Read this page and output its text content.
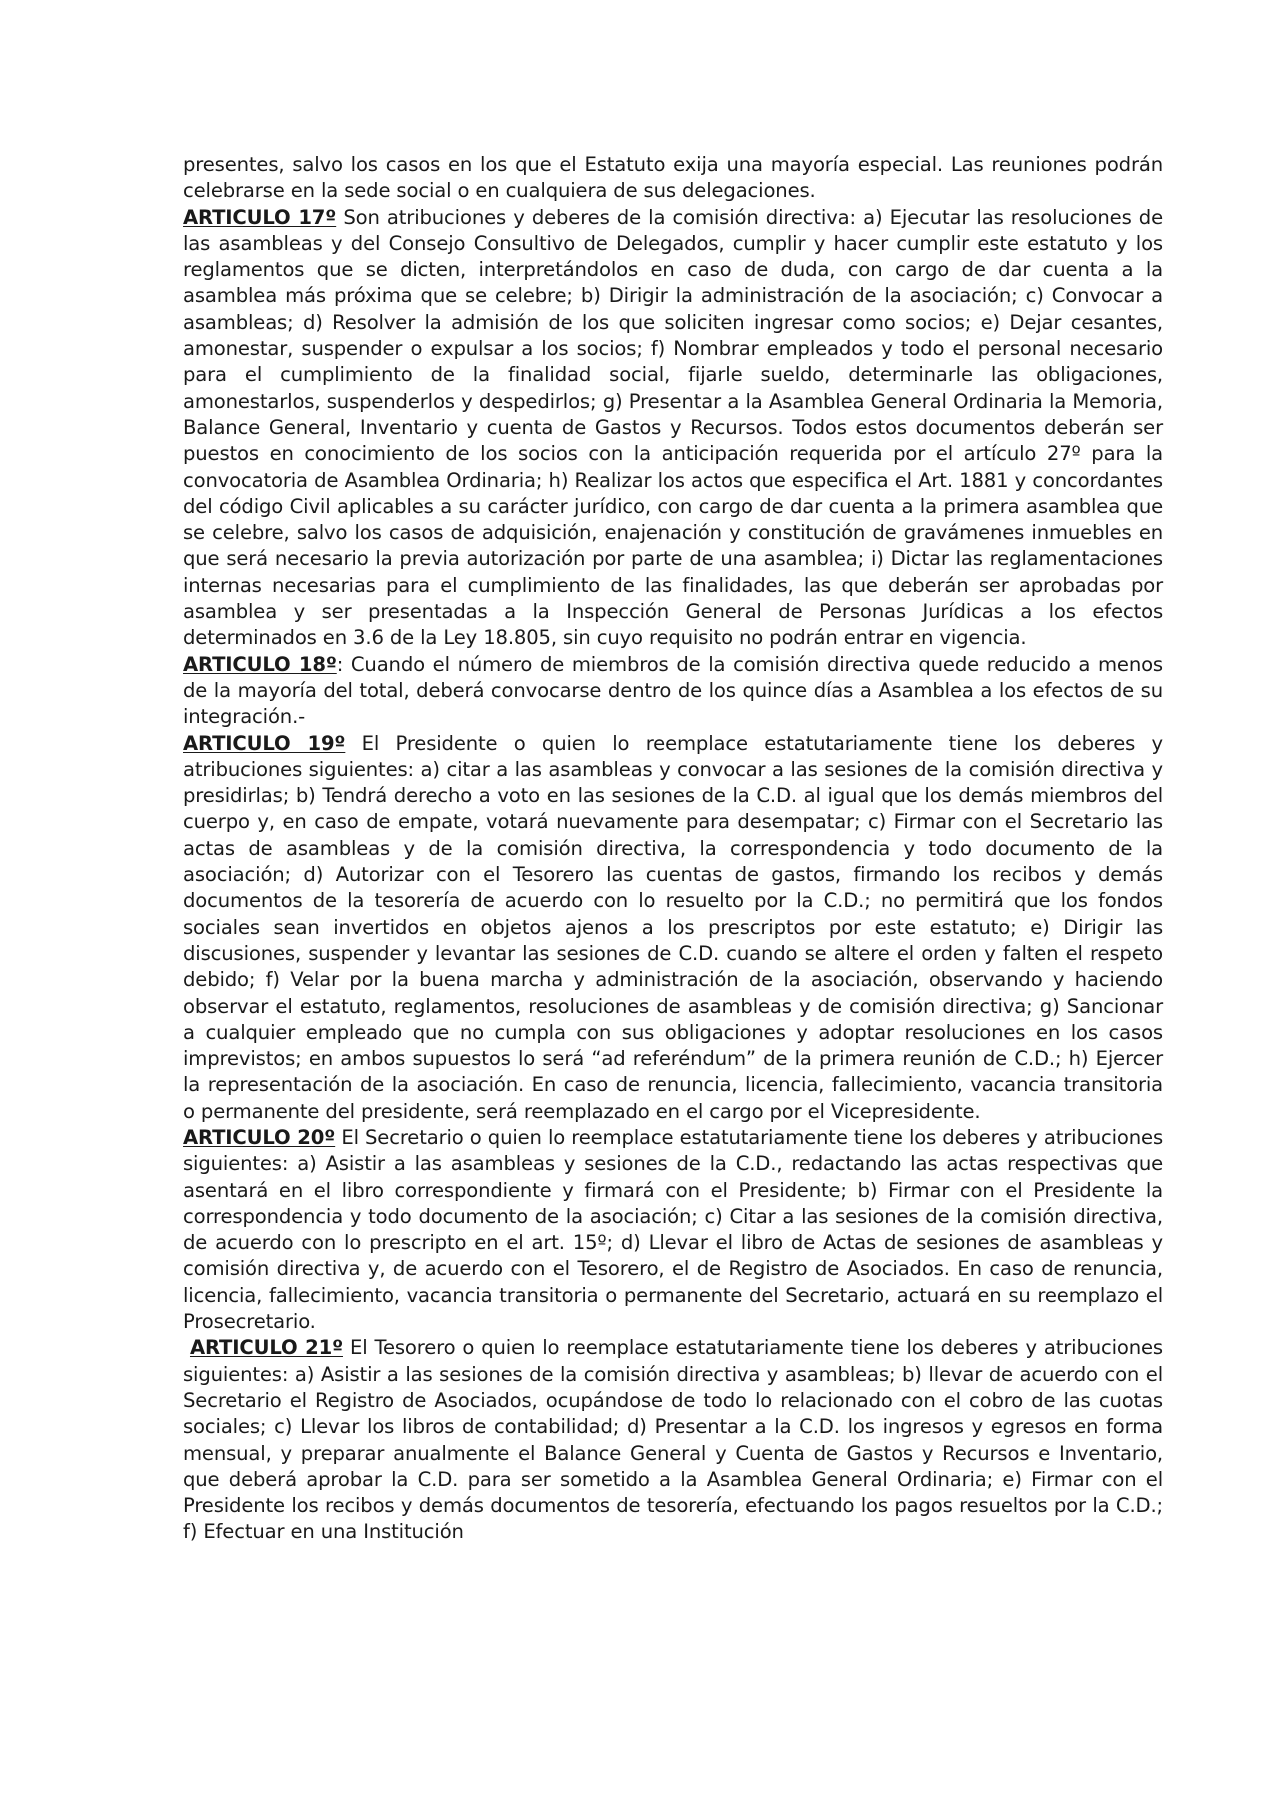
presentes, salvo los casos en los que el Estatuto exija una mayoría especial. Las reuniones podrán celebrarse en la sede social o en cualquiera de sus delegaciones.

ARTICULO 17º Son atribuciones y deberes de la comisión directiva: a) Ejecutar las resoluciones de las asambleas y del Consejo Consultivo de Delegados, cumplir y hacer cumplir este estatuto y los reglamentos que se dicten, interpretándolos en caso de duda, con cargo de dar cuenta a la asamblea más próxima que se celebre; b) Dirigir la administración de la asociación; c) Convocar a asambleas; d) Resolver la admisión de los que soliciten ingresar como socios; e) Dejar cesantes, amonestar, suspender o expulsar a los socios; f) Nombrar empleados y todo el personal necesario para el cumplimiento de la finalidad social, fijarle sueldo, determinarle las obligaciones, amonestarlos, suspenderlos y despedirlos; g) Presentar a la Asamblea General Ordinaria la Memoria, Balance General, Inventario y cuenta de Gastos y Recursos. Todos estos documentos deberán ser puestos en conocimiento de los socios con la anticipación requerida por el artículo 27º para la convocatoria de Asamblea Ordinaria; h) Realizar los actos que especifica el Art. 1881 y concordantes del código Civil aplicables a su carácter jurídico, con cargo de dar cuenta a la primera asamblea que se celebre, salvo los casos de adquisición, enajenación y constitución de gravámenes inmuebles en que será necesario la previa autorización por parte de una asamblea; i) Dictar las reglamentaciones internas necesarias para el cumplimiento de las finalidades, las que deberán ser aprobadas por asamblea y ser presentadas a la Inspección General de Personas Jurídicas a los efectos determinados en 3.6 de la Ley 18.805, sin cuyo requisito no podrán entrar en vigencia.

ARTICULO 18º: Cuando el número de miembros de la comisión directiva quede reducido a menos de la mayoría del total, deberá convocarse dentro de los quince días a Asamblea a los efectos de su integración.-

ARTICULO 19º El Presidente o quien lo reemplace estatutariamente tiene los deberes y atribuciones siguientes: a) citar a las asambleas y convocar a las sesiones de la comisión directiva y presidirlas; b) Tendrá derecho a voto en las sesiones de la C.D. al igual que los demás miembros del cuerpo y, en caso de empate, votará nuevamente para desempatar; c) Firmar con el Secretario las actas de asambleas y de la comisión directiva, la correspondencia y todo documento de la asociación; d) Autorizar con el Tesorero las cuentas de gastos, firmando los recibos y demás documentos de la tesorería de acuerdo con lo resuelto por la C.D.; no permitirá que los fondos sociales sean invertidos en objetos ajenos a los prescriptos por este estatuto; e) Dirigir las discusiones, suspender y levantar las sesiones de C.D. cuando se altere el orden y falten el respeto debido; f) Velar por la buena marcha y administración de la asociación, observando y haciendo observar el estatuto, reglamentos, resoluciones de asambleas y de comisión directiva; g) Sancionar a cualquier empleado que no cumpla con sus obligaciones y adoptar resoluciones en los casos imprevistos; en ambos supuestos lo será “ad referéndum” de la primera reunión de C.D.; h) Ejercer la representación de la asociación. En caso de renuncia, licencia, fallecimiento, vacancia transitoria o permanente del presidente, será reemplazado en el cargo por el Vicepresidente.

ARTICULO 20º El Secretario o quien lo reemplace estatutariamente tiene los deberes y atribuciones siguientes: a) Asistir a las asambleas y sesiones de la C.D., redactando las actas respectivas que asentará en el libro correspondiente y firmará con el Presidente; b) Firmar con el Presidente la correspondencia y todo documento de la asociación; c) Citar a las sesiones de la comisión directiva, de acuerdo con lo prescripto en el art. 15º; d) Llevar el libro de Actas de sesiones de asambleas y comisión directiva y, de acuerdo con el Tesorero, el de Registro de Asociados. En caso de renuncia, licencia, fallecimiento, vacancia transitoria o permanente del Secretario, actuará en su reemplazo el Prosecretario.

ARTICULO 21º El Tesorero o quien lo reemplace estatutariamente tiene los deberes y atribuciones siguientes: a) Asistir a las sesiones de la comisión directiva y asambleas; b) llevar de acuerdo con el Secretario el Registro de Asociados, ocupándose de todo lo relacionado con el cobro de las cuotas sociales; c) Llevar los libros de contabilidad; d) Presentar a la C.D. los ingresos y egresos en forma mensual, y preparar anualmente el Balance General y Cuenta de Gastos y Recursos e Inventario, que deberá aprobar la C.D. para ser sometido a la Asamblea General Ordinaria; e) Firmar con el Presidente los recibos y demás documentos de tesorería, efectuando los pagos resueltos por la C.D.; f) Efectuar en una Institución
